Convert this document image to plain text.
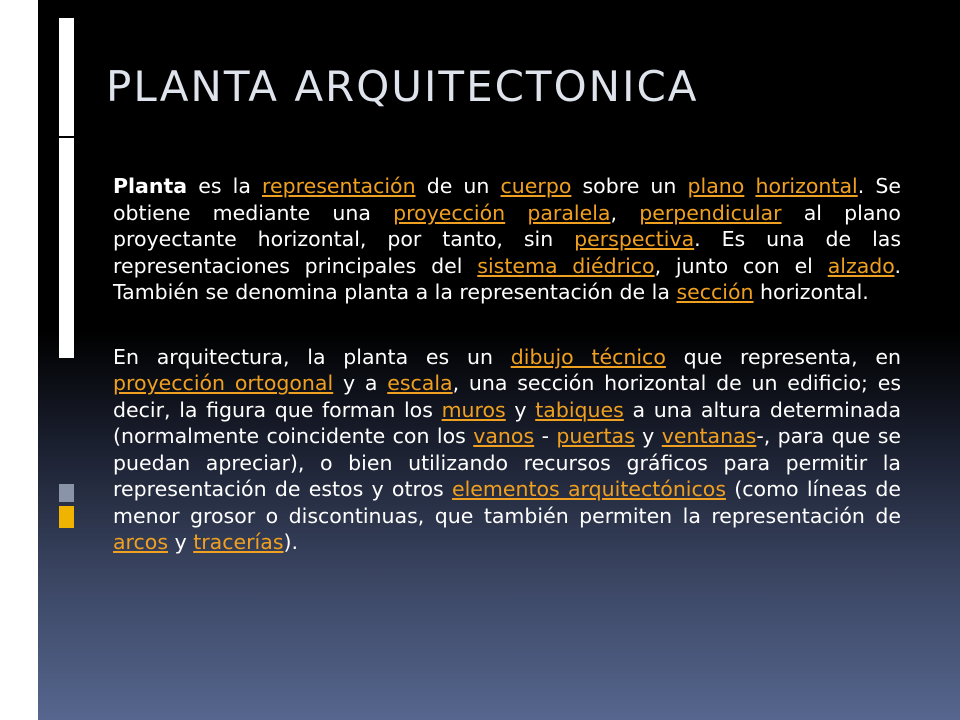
PLANTA ARQUITECTONICA

Planta es la representación de un cuerpo sobre un plano horizontal. Se obtiene mediante una proyección paralela, perpendicular al plano proyectante horizontal, por tanto, sin perspectiva. Es una de las representaciones principales del sistema diédrico, junto con el alzado. También se denomina planta a la representación de la sección horizontal.

En arquitectura, la planta es un dibujo técnico que representa, en proyección ortogonal y a escala, una sección horizontal de un edificio; es decir, la figura que forman los muros y tabiques a una altura determinada (normalmente coincidente con los vanos - puertas y ventanas-, para que se puedan apreciar), o bien utilizando recursos gráficos para permitir la representación de estos y otros elementos arquitectónicos (como líneas de menor grosor o discontinuas, que también permiten la representación de arcos y tracerías).
